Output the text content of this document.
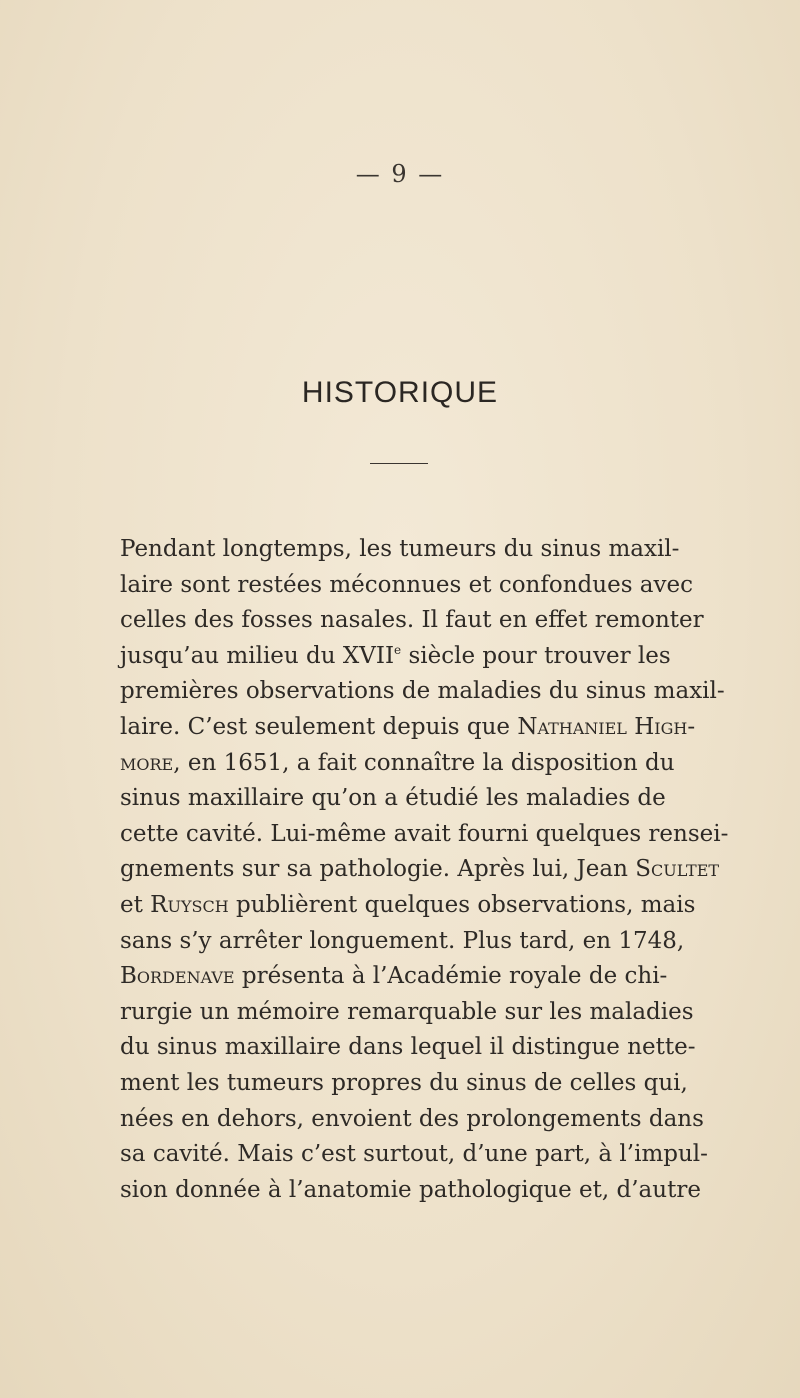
— 9 —
HISTORIQUE
Pendant longtemps, les tumeurs du sinus maxil-
laire sont restées méconnues et confondues avec
celles des fosses nasales. Il faut en effet remonter
jusqu’au milieu du XVIIe siècle pour trouver les
premières observations de maladies du sinus maxil-
laire. C’est seulement depuis que Nathaniel High-
more, en 1651, a fait connaître la disposition du
sinus maxillaire qu’on a étudié les maladies de
cette cavité. Lui-même avait fourni quelques rensei-
gnements sur sa pathologie. Après lui, Jean Scultet
et Ruysch publièrent quelques observations, mais
sans s’y arrêter longuement. Plus tard, en 1748,
Bordenave présenta à l’Académie royale de chi-
rurgie un mémoire remarquable sur les maladies
du sinus maxillaire dans lequel il distingue nette-
ment les tumeurs propres du sinus de celles qui,
nées en dehors, envoient des prolongements dans
sa cavité. Mais c’est surtout, d’une part, à l’impul-
sion donnée à l’anatomie pathologique et, d’autre
